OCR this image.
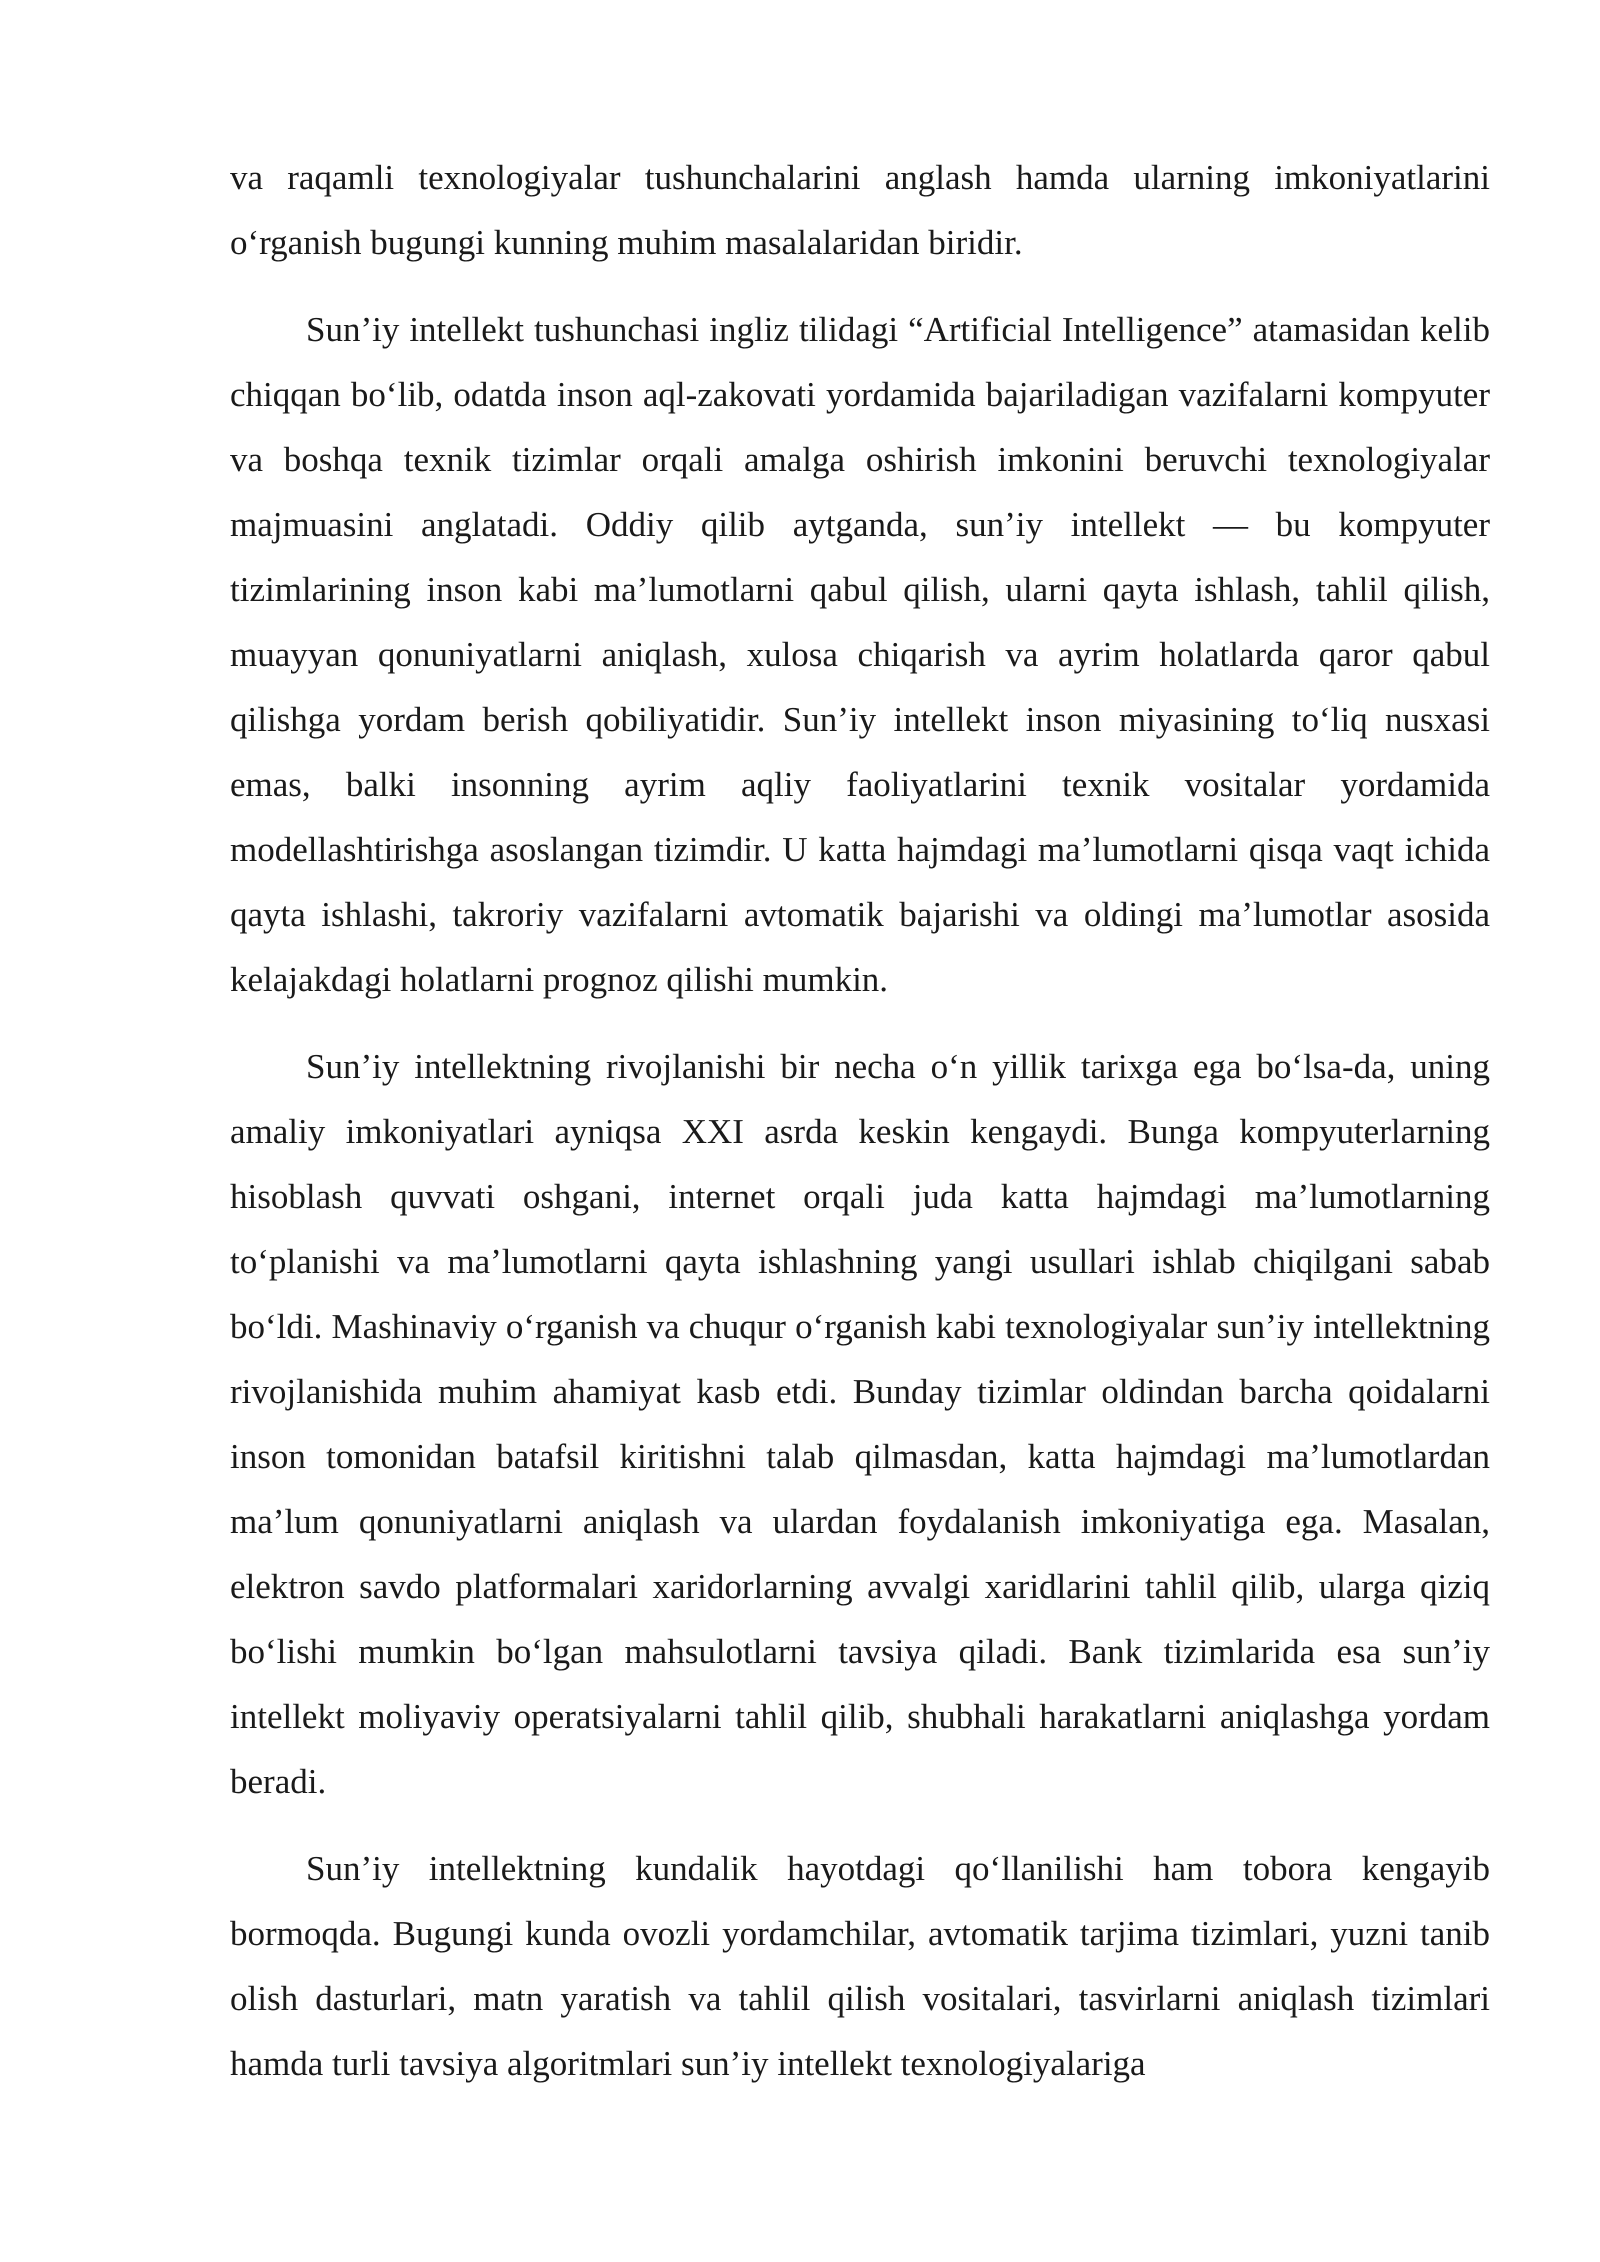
va raqamli texnologiyalar tushunchalarini anglash hamda ularning imkoniyatlarini o‘rganish bugungi kunning muhim masalalaridan biridir.

Sun’iy intellekt tushunchasi ingliz tilidagi “Artificial Intelligence” atamasidan kelib chiqqan bo‘lib, odatda inson aql-zakovati yordamida bajariladigan vazifalarni kompyuter va boshqa texnik tizimlar orqali amalga oshirish imkonini beruvchi texnologiyalar majmuasini anglatadi. Oddiy qilib aytganda, sun’iy intellekt — bu kompyuter tizimlarining inson kabi ma’lumotlarni qabul qilish, ularni qayta ishlash, tahlil qilish, muayyan qonuniyatlarni aniqlash, xulosa chiqarish va ayrim holatlarda qaror qabul qilishga yordam berish qobiliyatidir. Sun’iy intellekt inson miyasining to‘liq nusxasi emas, balki insonning ayrim aqliy faoliyatlarini texnik vositalar yordamida modellashtirishga asoslangan tizimdir. U katta hajmdagi ma’lumotlarni qisqa vaqt ichida qayta ishlashi, takroriy vazifalarni avtomatik bajarishi va oldingi ma’lumotlar asosida kelajakdagi holatlarni prognoz qilishi mumkin.

Sun’iy intellektning rivojlanishi bir necha o‘n yillik tarixga ega bo‘lsa-da, uning amaliy imkoniyatlari ayniqsa XXI asrda keskin kengaydi. Bunga kompyuterlarning hisoblash quvvati oshgani, internet orqali juda katta hajmdagi ma’lumotlarning to‘planishi va ma’lumotlarni qayta ishlashning yangi usullari ishlab chiqilgani sabab bo‘ldi. Mashinaviy o‘rganish va chuqur o‘rganish kabi texnologiyalar sun’iy intellektning rivojlanishida muhim ahamiyat kasb etdi. Bunday tizimlar oldindan barcha qoidalarni inson tomonidan batafsil kiritishni talab qilmasdan, katta hajmdagi ma’lumotlardan ma’lum qonuniyatlarni aniqlash va ulardan foydalanish imkoniyatiga ega. Masalan, elektron savdo platformalari xaridorlarning avvalgi xaridlarini tahlil qilib, ularga qiziq bo‘lishi mumkin bo‘lgan mahsulotlarni tavsiya qiladi. Bank tizimlarida esa sun’iy intellekt moliyaviy operatsiyalarni tahlil qilib, shubhali harakatlarni aniqlashga yordam beradi.

Sun’iy intellektning kundalik hayotdagi qo‘llanilishi ham tobora kengayib bormoqda. Bugungi kunda ovozli yordamchilar, avtomatik tarjima tizimlari, yuzni tanib olish dasturlari, matn yaratish va tahlil qilish vositalari, tasvirlarni aniqlash tizimlari hamda turli tavsiya algoritmlari sun’iy intellekt texnologiyalariga
